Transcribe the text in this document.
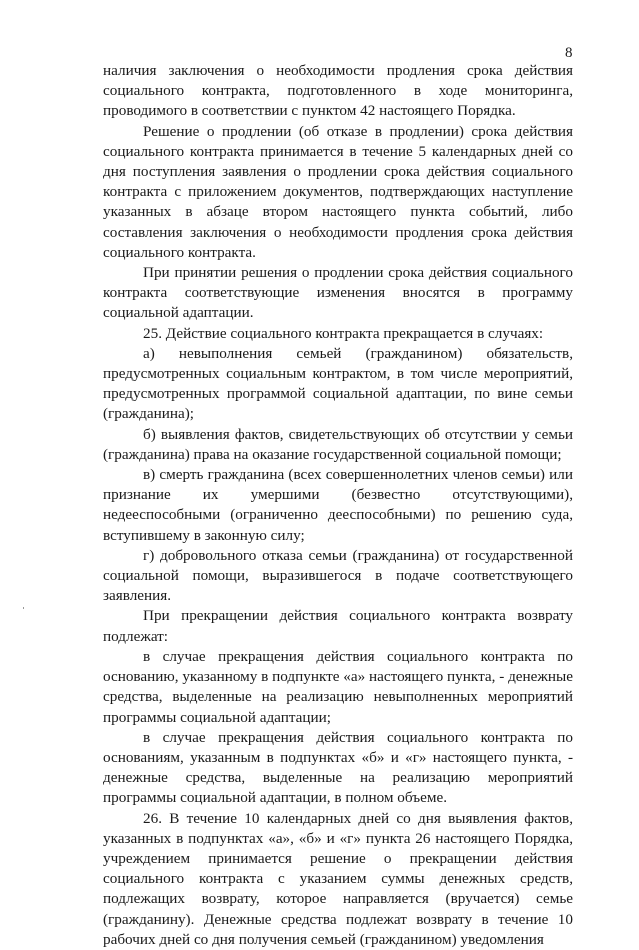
8

наличия заключения о необходимости продления срока действия социального контракта, подготовленного в ходе мониторинга, проводимого в соответствии с пунктом 42 настоящего Порядка.

Решение о продлении (об отказе в продлении) срока действия социального контракта принимается в течение 5 календарных дней со дня поступления заявления о продлении срока действия социального контракта с приложением документов, подтверждающих наступление указанных в абзаце втором настоящего пункта событий, либо составления заключения о необходимости продления срока действия социального контракта.

При принятии решения о продлении срока действия социального контракта соответствующие изменения вносятся в программу социальной адаптации.

25. Действие социального контракта прекращается в случаях:

а) невыполнения семьей (гражданином) обязательств, предусмотренных социальным контрактом, в том числе мероприятий, предусмотренных программой социальной адаптации, по вине семьи (гражданина);

б) выявления фактов, свидетельствующих об отсутствии у семьи (гражданина) права на оказание государственной социальной помощи;

в) смерть гражданина (всех совершеннолетних членов семьи) или признание их умершими (безвестно отсутствующими), недееспособными (ограниченно дееспособными) по решению суда, вступившему в законную силу;

г) добровольного отказа семьи (гражданина) от государственной социальной помощи, выразившегося в подаче соответствующего заявления.

При прекращении действия социального контракта возврату подлежат:

в случае прекращения действия социального контракта по основанию, указанному в подпункте «а» настоящего пункта, - денежные средства, выделенные на реализацию невыполненных мероприятий программы социальной адаптации;

в случае прекращения действия социального контракта по основаниям, указанным в подпунктах «б» и «г» настоящего пункта, - денежные средства, выделенные на реализацию мероприятий программы социальной адаптации, в полном объеме.

26. В течение 10 календарных дней со дня выявления фактов, указанных в подпунктах «а», «б» и «г» пункта 26 настоящего Порядка, учреждением принимается решение о прекращении действия социального контракта с указанием суммы денежных средств, подлежащих возврату, которое направляется (вручается) семье (гражданину). Денежные средства подлежат возврату в течение 10 рабочих дней со дня получения семьей (гражданином) уведомления
